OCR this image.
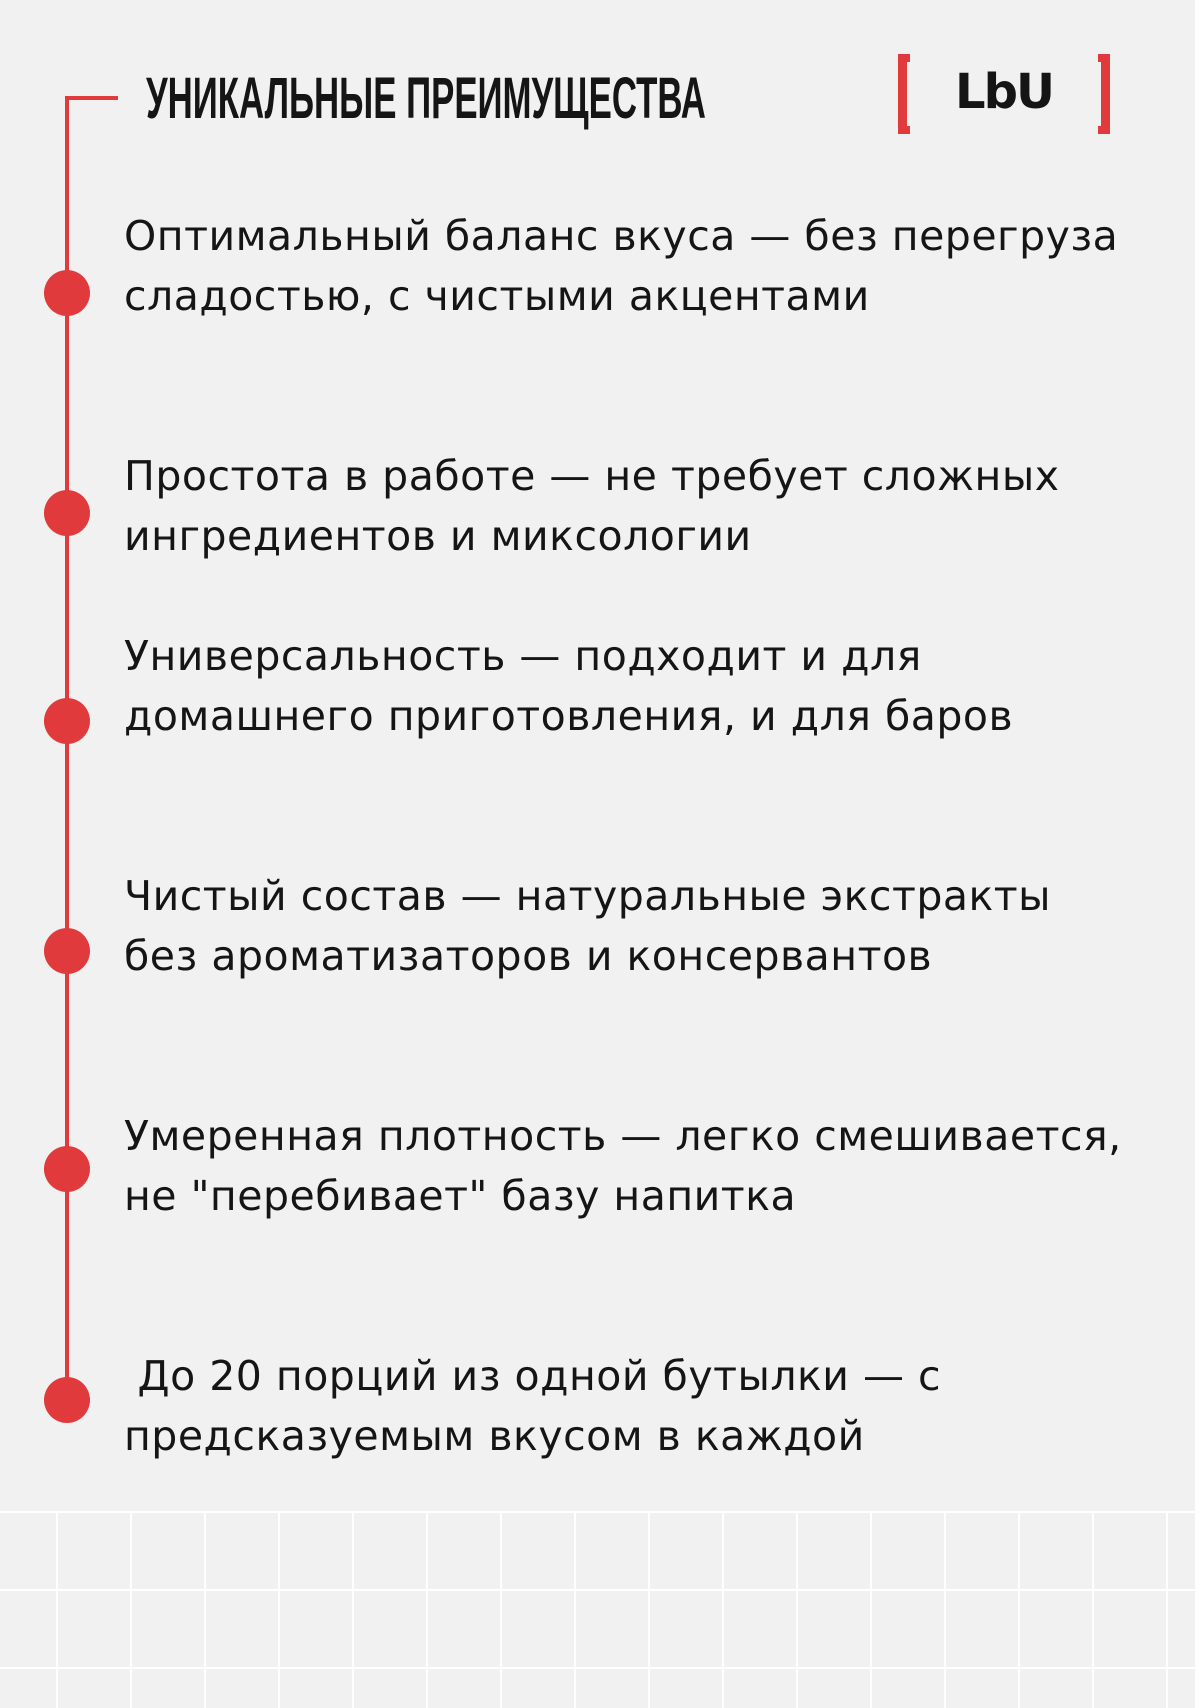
УНИКАЛЬНЫЕ ПРЕИМУЩЕСТВА	LbU

Оптимальный баланс вкуса — без перегруза сладостью, с чистыми акцентами

Простота в работе — не требует сложных ингредиентов и миксологии

Универсальность — подходит и для домашнего приготовления, и для баров

Чистый состав — натуральные экстракты без ароматизаторов и консервантов

Умеренная плотность — легко смешивается, не "перебивает" базу напитка

До 20 порций из одной бутылки — с предсказуемым вкусом в каждой
